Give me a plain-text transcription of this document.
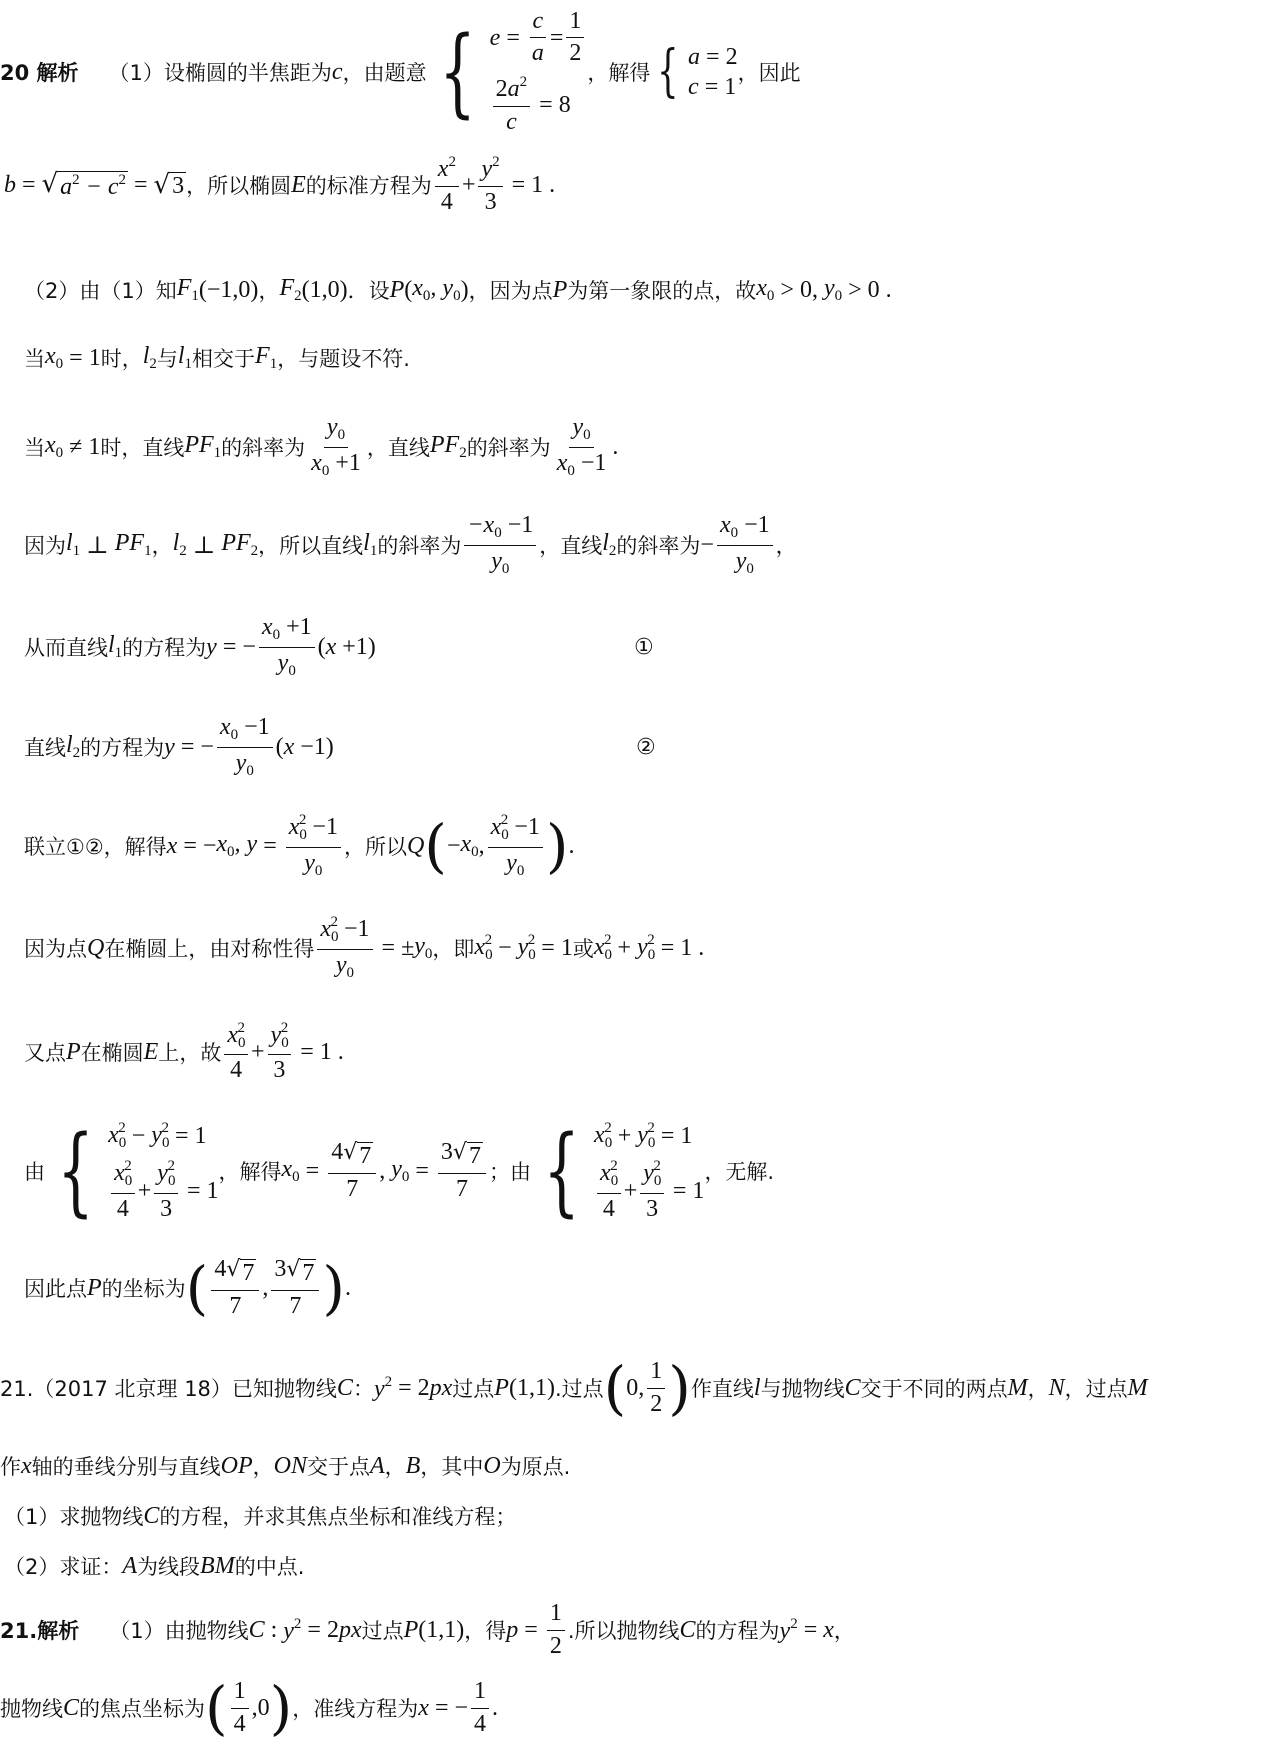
20 解析 （1）设椭圆的半焦距为 c ，由题意 { $e = \frac{c}{a} = \frac{1}{2}$
$\frac{2a^2}{c} = 8$
，解得 { a = 2
c = 1
，因此
b = √ $a^2 - c^2$ = √ 3 ，所以椭圆 E 的标准方程为 $\frac{x^2}{4} + \frac{y^2}{3} = 1$ .
（2）由（1）知 $F_1$ (−1,0) ， $F_2$ (1,0) ．设 P ( $x_0$, $y_0$ ) ，因为点 P 为第一象限的点，故 $x_0 > 0$, $y_0 > 0$ .
当 $x_0 = 1$ 时， $l_2$ 与 $l_1$ 相交于 $F_1$ ，与题设不符.
当 $x_0 \ne 1$ 时，直线 $PF_1$ 的斜率为 $\frac{y_0}{x_0 +1}$ ，直线 $PF_2$ 的斜率为 $\frac{y_0}{x_0 -1}$ .
因为 $l_1$ ⊥ $PF_1$ ， $l_2$ ⊥ $PF_2$ ，所以直线 $l_1$ 的斜率为 $\frac{-x_0 -1}{y_0}$ ，直线 $l_2$ 的斜率为 − $\frac{x_0 -1}{y_0}$ ，
从而直线 $l_1$ 的方程为 y = − $\frac{x_0 +1}{y_0}$ ( x +1)	①
直线 $l_2$ 的方程为 y = − $\frac{x_0 -1}{y_0}$ ( x −1)	②
联立①②，解得 x = − $x_0$, $y = \frac{x_0^2 -1}{y_0}$ ，所以 Q ( − $x_0$ , $\frac{x_0^2 -1}{y_0}$ ) .
因为点 Q 在椭圆上，由对称性得 $\frac{x_0^2 -1}{y_0}$ = ± $y_0$ ，即 $x_0^2 - y_0^2 = 1$ 或 $x_0^2 + y_0^2 = 1$ .
又点 P 在椭圆 E 上，故 $\frac{x_0^2}{4} + \frac{y_0^2}{3} = 1$ .
由 { $x_0^2 - y_0^2 = 1$
$\frac{x_0^2}{4} + \frac{y_0^2}{3} = 1$
，解得 $x_0 = \frac{4 √ 7}{7}$ , $y_0 = \frac{3 √ 7}{7}$ ；由 { $x_0^2 + y_0^2 = 1$
$\frac{x_0^2}{4} + \frac{y_0^2}{3} = 1$
，无解.
因此点 P 的坐标为 ( $\frac{4 √ 7}{7}$ , $\frac{3 √ 7}{7}$ ) .
21.（2017 北京理 18）已知抛物线 C ： $y^2 = 2$ px 过点 P (1,1) .过点 ( 0, $\frac{1}{2}$ ) 作直线 l 与抛物线 C 交于不同的两点 M ， N ，过点 M
作 x 轴的垂线分别与直线 OP ， ON 交于点 A ， B ，其中 O 为原点.
（1）求抛物线 C 的方程，并求其焦点坐标和准线方程；
（2）求证： A 为线段 BM 的中点.
21.解析 （1）由抛物线 C : $y^2 = 2$ px 过点 P (1,1) ，得 $p = \frac{1}{2}$ .所以抛物线 C 的方程为 $y^2 = x$ ，
抛物线 C 的焦点坐标为 ( $\frac{1}{4} ,0$ ) ，准线方程为 x = − $\frac{1}{4}$ .
